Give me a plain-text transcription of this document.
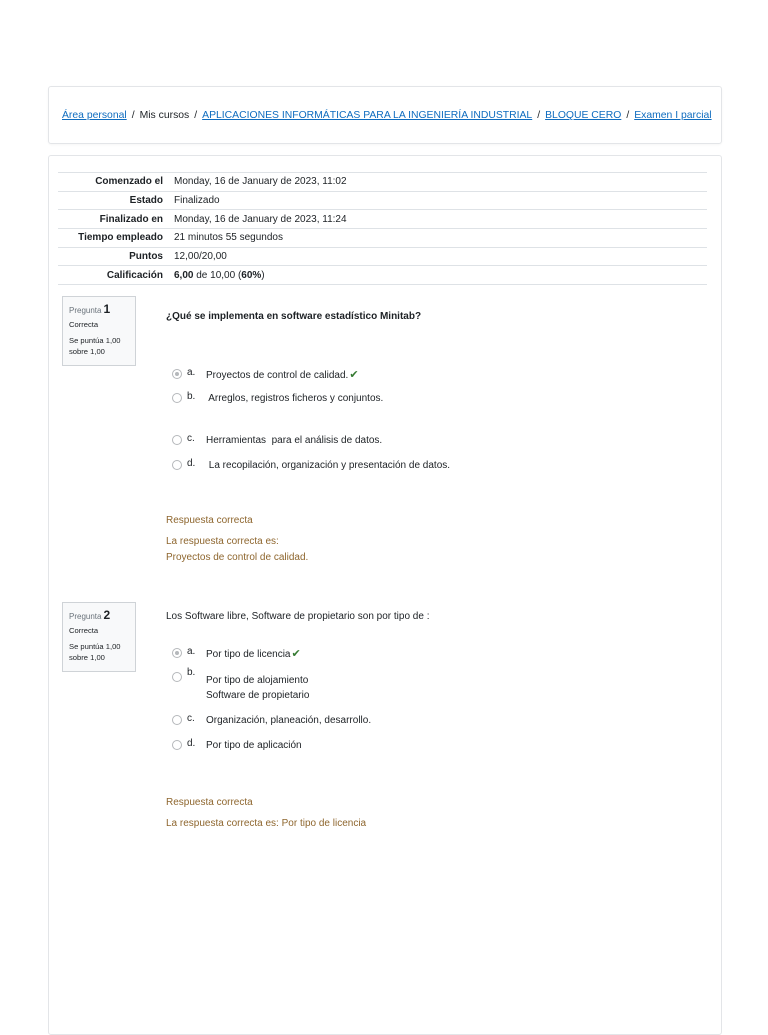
Área personal / Mis cursos / APLICACIONES INFORMÁTICAS PARA LA INGENIERÍA INDUSTRIAL / BLOQUE CERO / Examen I parcial
Comenzado el	Monday, 16 de January de 2023, 11:02
Estado	Finalizado
Finalizado en	Monday, 16 de January de 2023, 11:24
Tiempo empleado	21 minutos 55 segundos
Puntos	12,00/20,00
Calificación	6,00 de 10,00 (60%)
Pregunta 1
Correcta
Se puntúa 1,00 sobre 1,00
¿Qué se implementa en software estadístico Minitab?
a.	Proyectos de control de calidad.✔
b.	Arreglos, registros ficheros y conjuntos.
c.	Herramientas  para el análisis de datos.
d.	La recopilación, organización y presentación de datos.
Respuesta correcta
La respuesta correcta es:
Proyectos de control de calidad.
Pregunta 2
Correcta
Se puntúa 1,00 sobre 1,00
Los Software libre, Software de propietario son por tipo de :
a.	Por tipo de licencia✔
b.
Por tipo de alojamiento
Software de propietario
c.	Organización, planeación, desarrollo.
d.	Por tipo de aplicación
Respuesta correcta
La respuesta correcta es: Por tipo de licencia
